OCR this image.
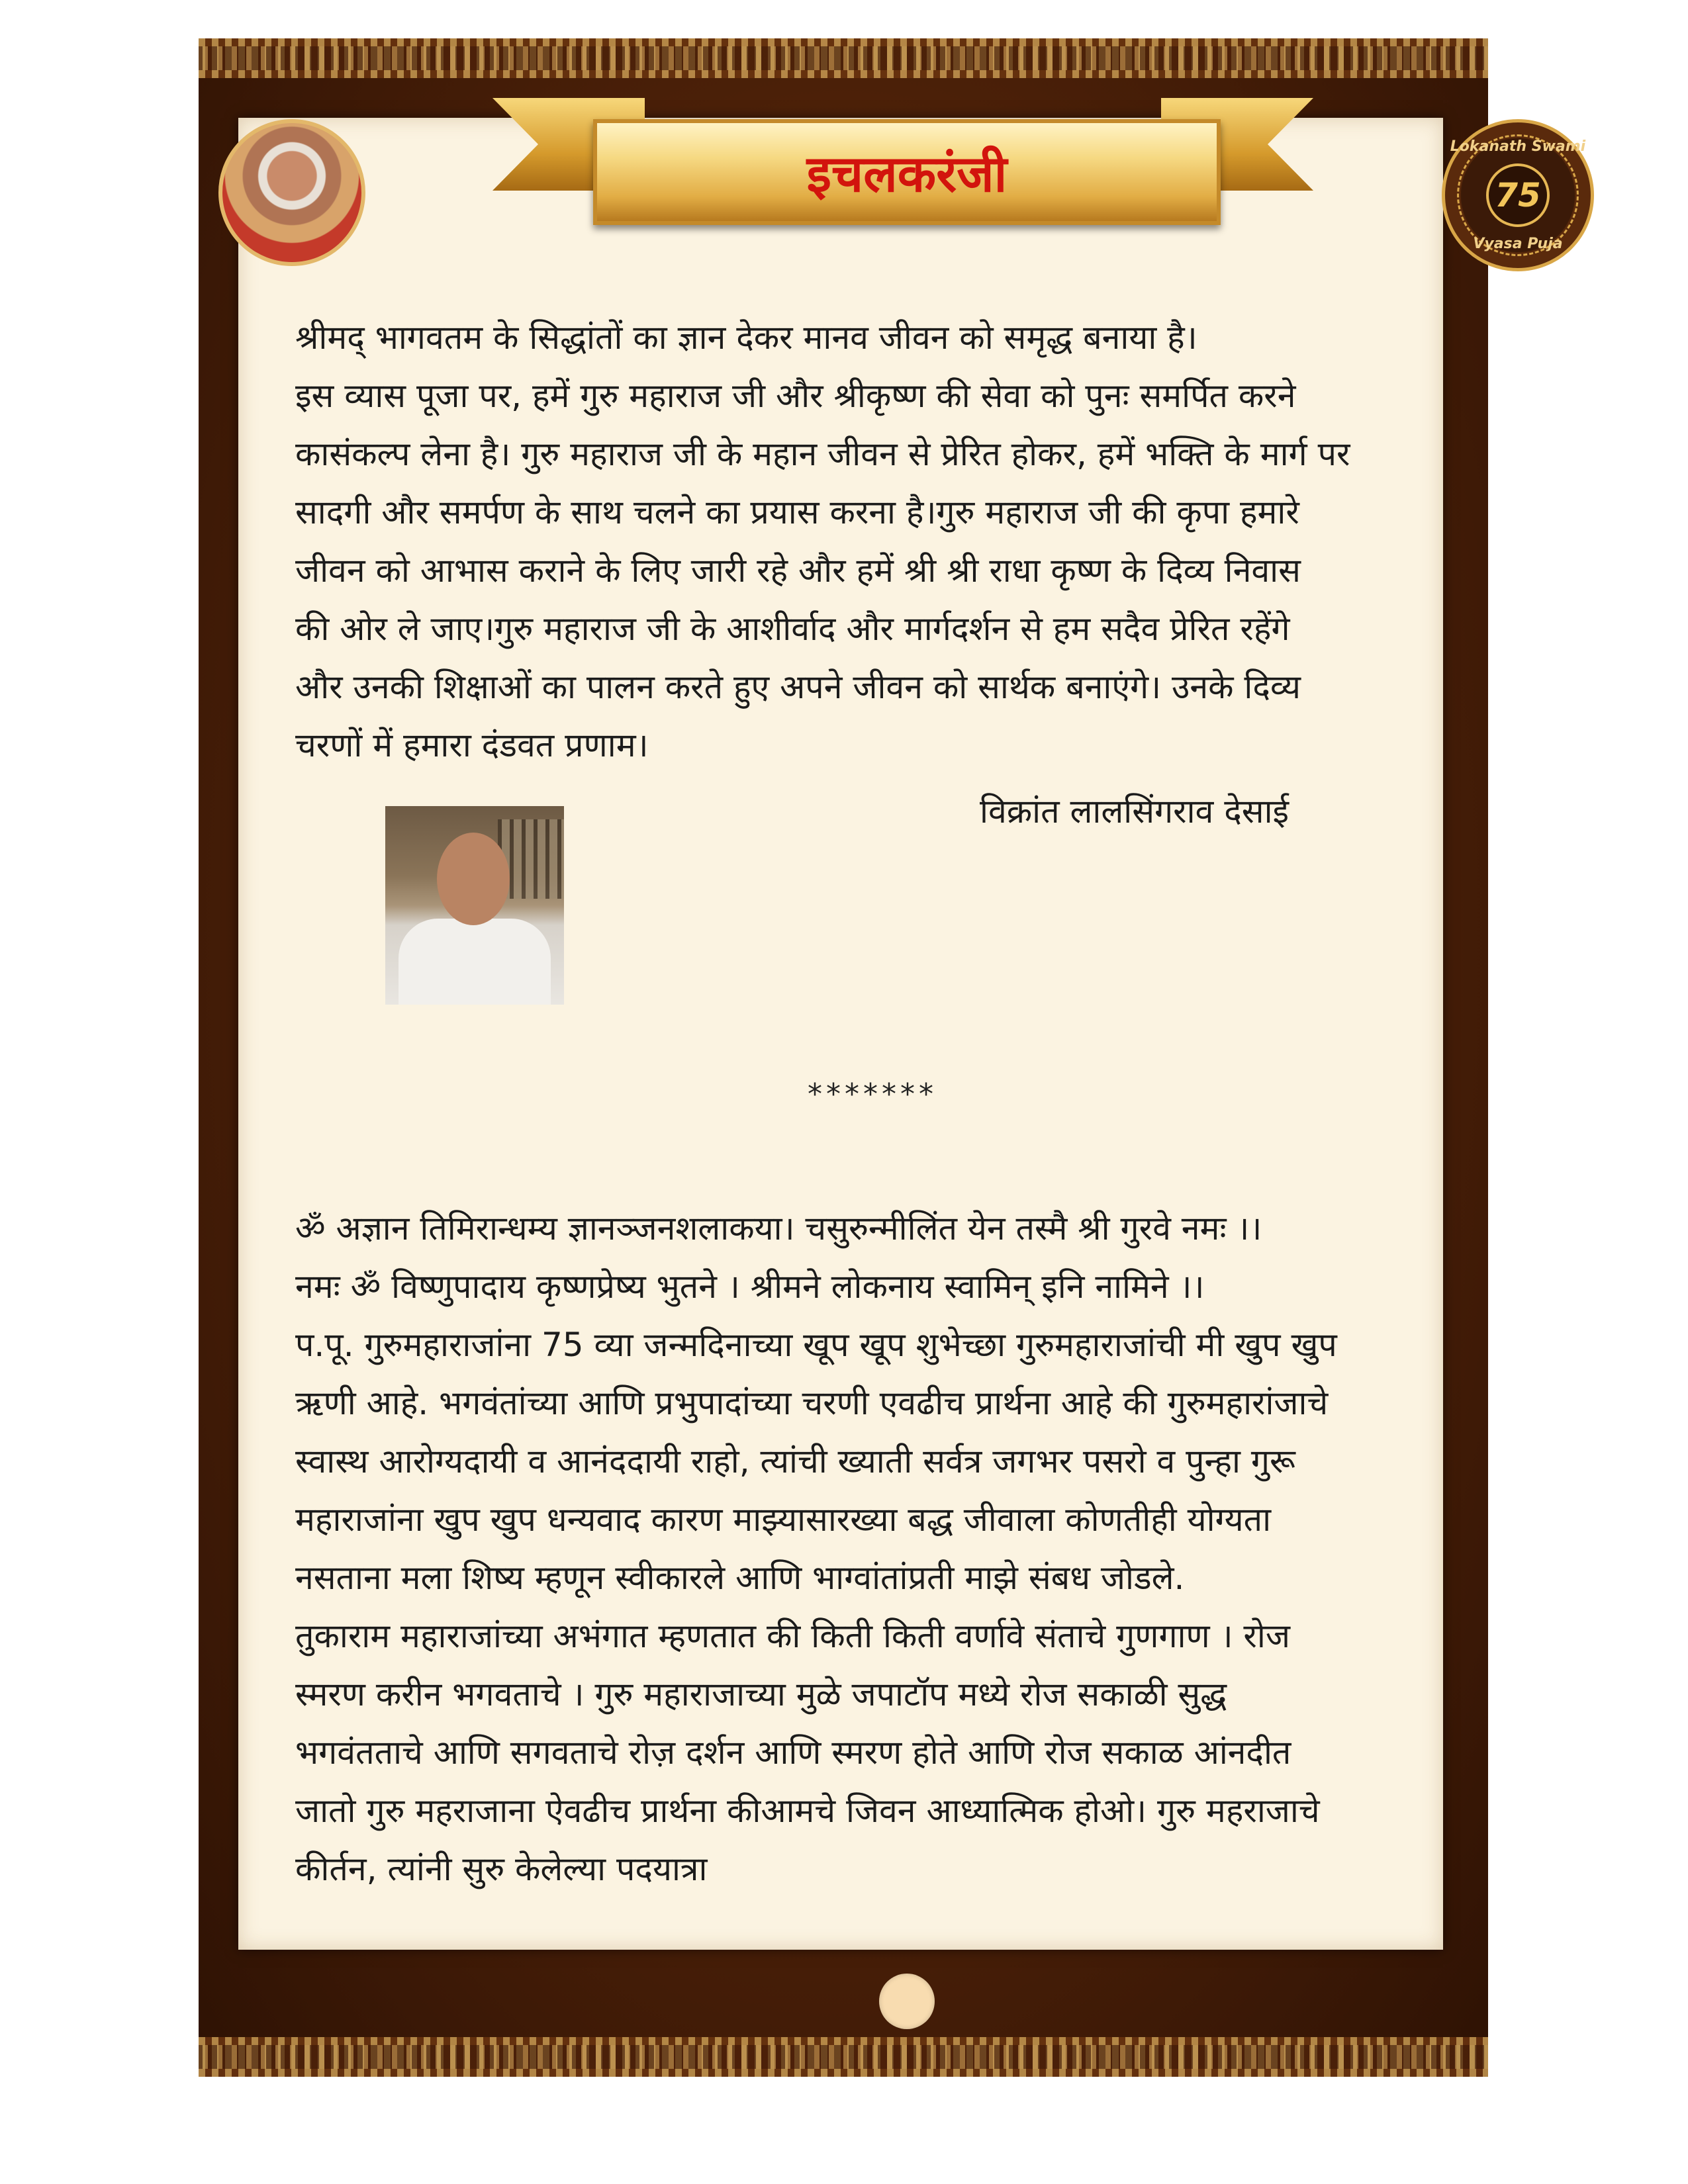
इचलकरंजी	Lokanath Swami
75
Vyasa Puja
श्रीमद् भागवतम के सिद्धांतों का ज्ञान देकर मानव जीवन को समृद्ध बनाया है।
इस व्यास पूजा पर, हमें गुरु महाराज जी और श्रीकृष्ण की सेवा को पुनः समर्पित करने
कासंकल्प लेना है। गुरु महाराज जी के महान जीवन से प्रेरित होकर, हमें भक्ति के मार्ग पर
सादगी और समर्पण के साथ चलने का प्रयास करना है।गुरु महाराज जी की कृपा हमारे
जीवन को आभास कराने के लिए जारी रहे और हमें श्री श्री राधा कृष्ण के दिव्य निवास
की ओर ले जाए।गुरु महाराज जी के आशीर्वाद और मार्गदर्शन से हम सदैव प्रेरित रहेंगे
और उनकी शिक्षाओं का पालन करते हुए अपने जीवन को सार्थक बनाएंगे। उनके दिव्य
चरणों में हमारा दंडवत प्रणाम।
विक्रांत लालसिंगराव देसाई
*******
ॐ अज्ञान तिमिरान्धम्य ज्ञानञ्जनशलाकया। चसुरुन्मीलिंत येन तस्मै श्री गुरवे नमः ।।
नमः ॐ विष्णुपादाय कृष्णप्रेष्य भुतने । श्रीमने लोकनाय स्वामिन् इनि नामिने ।।
प.पू. गुरुमहाराजांना 75 व्या जन्मदिनाच्या खूप खूप शुभेच्छा गुरुमहाराजांची मी खुप खुप
ऋणी आहे. भगवंतांच्या आणि प्रभुपादांच्या चरणी एवढीच प्रार्थना आहे की गुरुमहारांजाचे
स्वास्थ आरोग्यदायी व आनंददायी राहो, त्यांची ख्याती सर्वत्र जगभर पसरो व पुन्हा गुरू
महाराजांना खुप खुप धन्यवाद कारण माझ्यासारख्या बद्ध जीवाला कोणतीही योग्यता
नसताना मला शिष्य म्हणून स्वीकारले आणि भाग्वांतांप्रती माझे संबध जोडले.
तुकाराम महाराजांच्या अभंगात म्हणतात की किती किती वर्णावे संताचे गुणगाण । रोज
स्मरण करीन भगवताचे । गुरु महाराजाच्या मुळे जपाटॉप मध्ये रोज सकाळी सुद्ध
भगवंतताचे आणि सगवताचे रोज़ दर्शन आणि स्मरण होते आणि रोज सकाळ आंनदीत
जातो गुरु महराजाना ऐवढीच प्रार्थना कीआमचे जिवन आध्यात्मिक होओ। गुरु महराजाचे
कीर्तन, त्यांनी सुरु केलेल्या पदयात्रा
